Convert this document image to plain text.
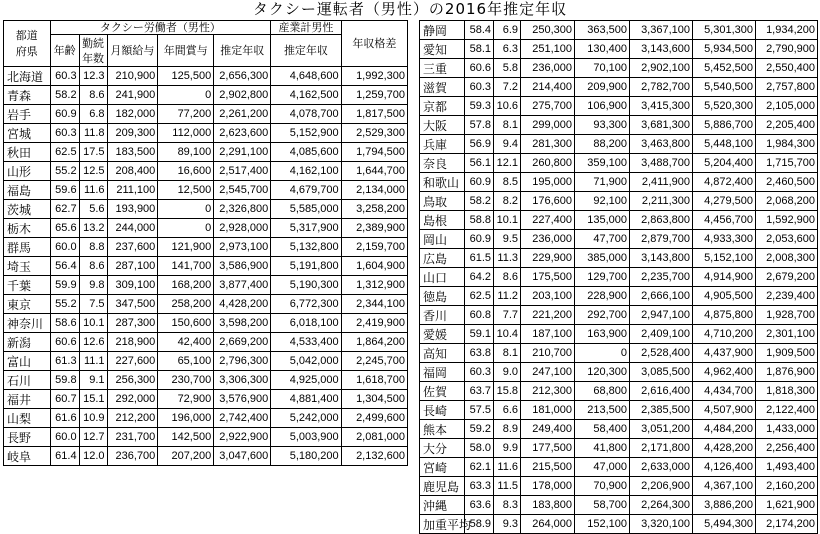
タクシー運転者（男性）の2016年推定年収
都道
府県	タクシー労働者（男性）					産業計男性	年収格差
	年齢	勤続
年数	月額給与	年間賞与	推定年収	推定年収	
北海道	60.3	12.3	210,900	125,500	2,656,300	4,648,600	1,992,300
青森	58.2	8.6	241,900	0	2,902,800	4,162,500	1,259,700
岩手	60.9	6.8	182,000	77,200	2,261,200	4,078,700	1,817,500
宮城	60.3	11.8	209,300	112,000	2,623,600	5,152,900	2,529,300
秋田	62.5	17.5	183,500	89,100	2,291,100	4,085,600	1,794,500
山形	55.2	12.5	208,400	16,600	2,517,400	4,162,100	1,644,700
福島	59.6	11.6	211,100	12,500	2,545,700	4,679,700	2,134,000
茨城	62.7	5.6	193,900	0	2,326,800	5,585,000	3,258,200
栃木	65.6	13.2	244,000	0	2,928,000	5,317,900	2,389,900
群馬	60.0	8.8	237,600	121,900	2,973,100	5,132,800	2,159,700
埼玉	56.4	8.6	287,100	141,700	3,586,900	5,191,800	1,604,900
千葉	59.9	9.8	309,100	168,200	3,877,400	5,190,300	1,312,900
東京	55.2	7.5	347,500	258,200	4,428,200	6,772,300	2,344,100
神奈川	58.6	10.1	287,300	150,600	3,598,200	6,018,100	2,419,900
新潟	60.6	12.6	218,900	42,400	2,669,200	4,533,400	1,864,200
富山	61.3	11.1	227,600	65,100	2,796,300	5,042,000	2,245,700
石川	59.8	9.1	256,300	230,700	3,306,300	4,925,000	1,618,700
福井	60.7	15.1	292,000	72,900	3,576,900	4,881,400	1,304,500
山梨	61.6	10.9	212,200	196,000	2,742,400	5,242,000	2,499,600
長野	60.0	12.7	231,700	142,500	2,922,900	5,003,900	2,081,000
岐阜	61.4	12.0	236,700	207,200	3,047,600	5,180,200	2,132,600
静岡	58.4	6.9	250,300	363,500	3,367,100	5,301,300	1,934,200
愛知	58.1	6.3	251,100	130,400	3,143,600	5,934,500	2,790,900
三重	60.6	5.8	236,000	70,100	2,902,100	5,452,500	2,550,400
滋賀	60.3	7.2	214,400	209,900	2,782,700	5,540,500	2,757,800
京都	59.3	10.6	275,700	106,900	3,415,300	5,520,300	2,105,000
大阪	57.8	8.1	299,000	93,300	3,681,300	5,886,700	2,205,400
兵庫	56.9	9.4	281,300	88,200	3,463,800	5,448,100	1,984,300
奈良	56.1	12.1	260,800	359,100	3,488,700	5,204,400	1,715,700
和歌山	60.9	8.5	195,000	71,900	2,411,900	4,872,400	2,460,500
鳥取	58.2	8.2	176,600	92,100	2,211,300	4,279,500	2,068,200
島根	58.8	10.1	227,400	135,000	2,863,800	4,456,700	1,592,900
岡山	60.9	9.5	236,000	47,700	2,879,700	4,933,300	2,053,600
広島	61.5	11.3	229,900	385,000	3,143,800	5,152,100	2,008,300
山口	64.2	8.6	175,500	129,700	2,235,700	4,914,900	2,679,200
徳島	62.5	11.2	203,100	228,900	2,666,100	4,905,500	2,239,400
香川	60.8	7.7	221,200	292,700	2,947,100	4,875,800	1,928,700
愛媛	59.1	10.4	187,100	163,900	2,409,100	4,710,200	2,301,100
高知	63.8	8.1	210,700	0	2,528,400	4,437,900	1,909,500
福岡	60.3	9.0	247,100	120,300	3,085,500	4,962,400	1,876,900
佐賀	63.7	15.8	212,300	68,800	2,616,400	4,434,700	1,818,300
長崎	57.5	6.6	181,000	213,500	2,385,500	4,507,900	2,122,400
熊本	59.2	8.9	249,400	58,400	3,051,200	4,484,200	1,433,000
大分	58.0	9.9	177,500	41,800	2,171,800	4,428,200	2,256,400
宮崎	62.1	11.6	215,500	47,000	2,633,000	4,126,400	1,493,400
鹿児島	63.3	11.5	178,000	70,900	2,206,900	4,367,100	2,160,200
沖縄	63.6	8.3	183,800	58,700	2,264,300	3,886,200	1,621,900
加重平均	58.9	9.3	264,000	152,100	3,320,100	5,494,300	2,174,200
